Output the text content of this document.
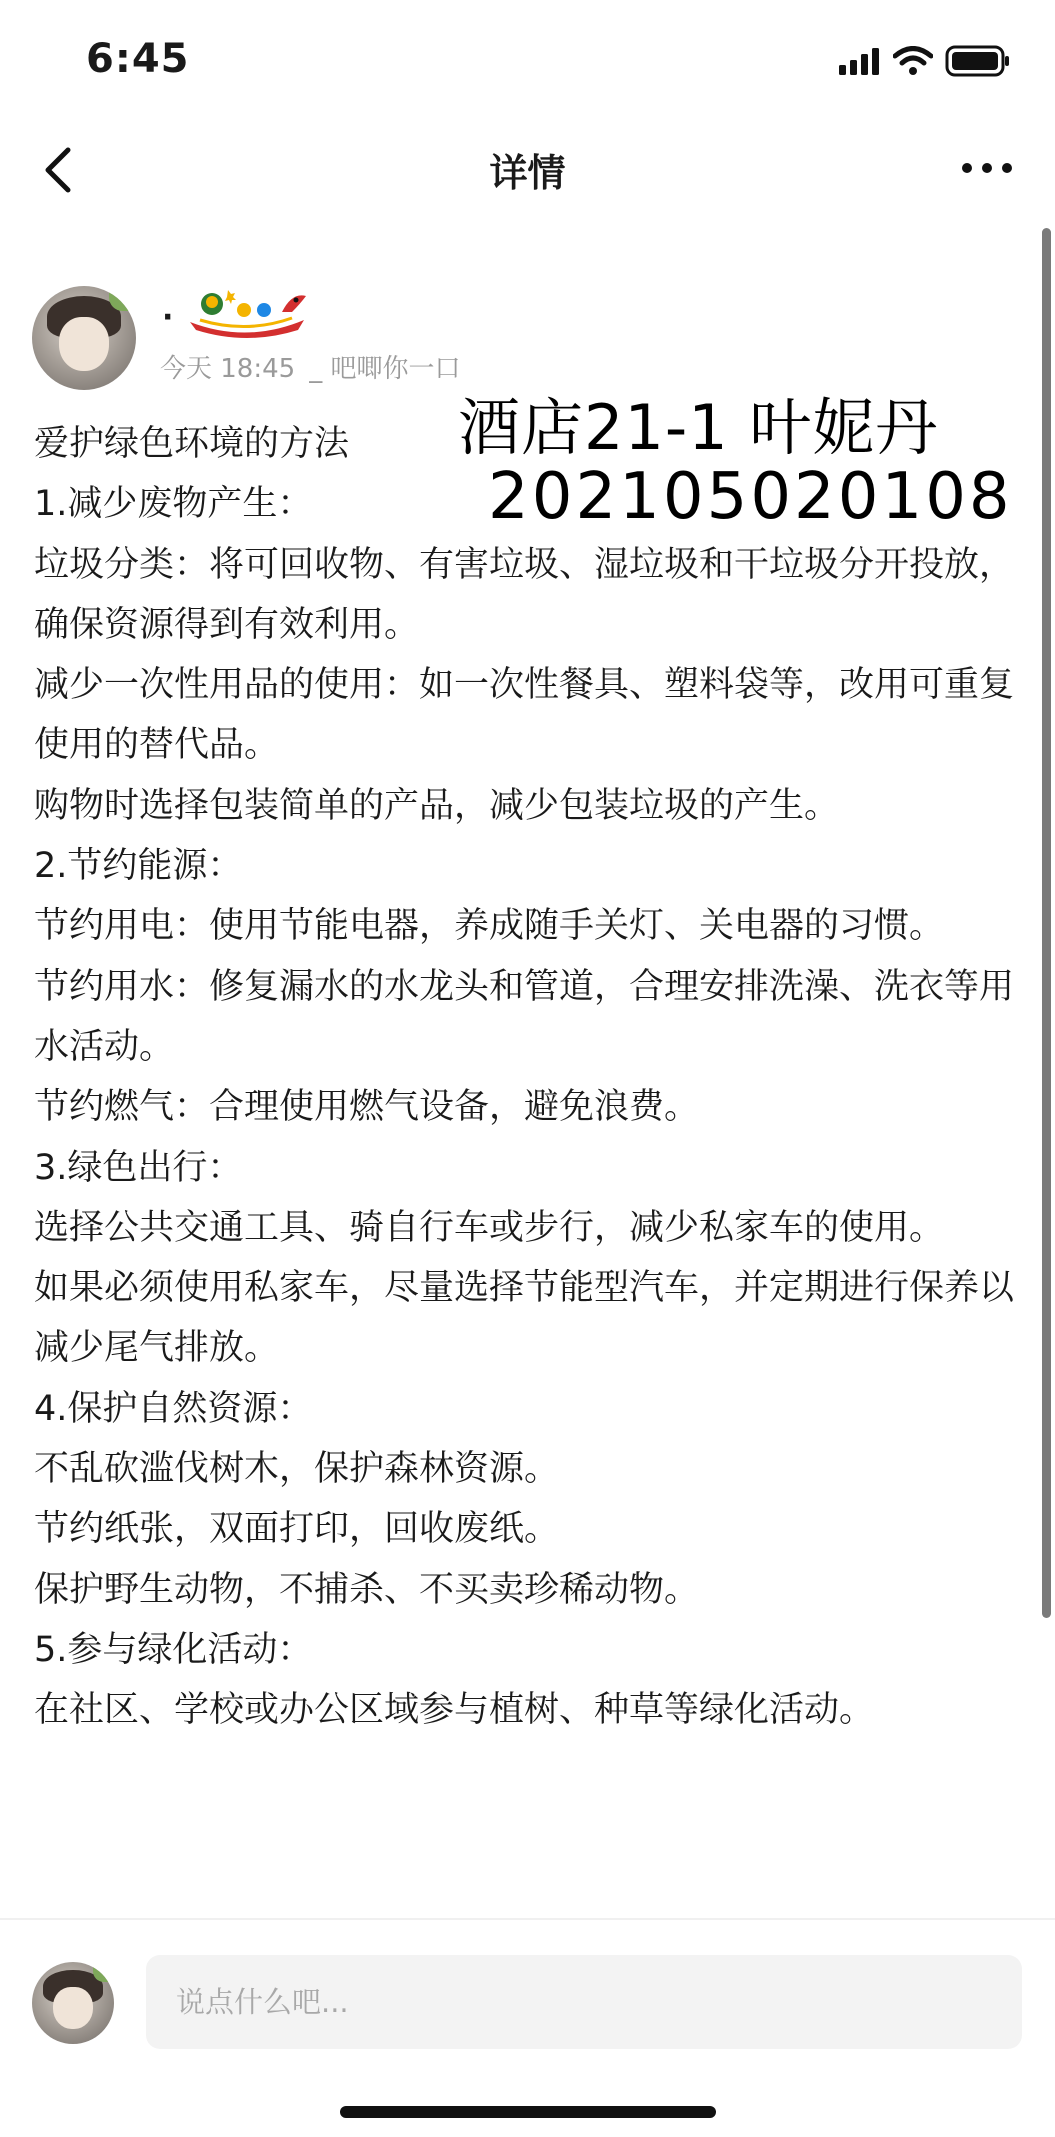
6:45
详情
·
今天 18:45 _ 吧唧你一口

爱护绿色环境的方法

1.减少废物产生：

垃圾分类：将可回收物、有害垃圾、湿垃圾和干垃圾分开投放，确保资源得到有效利用。

减少一次性用品的使用：如一次性餐具、塑料袋等，改用可重复使用的替代品。

购物时选择包装简单的产品，减少包装垃圾的产生。

2.节约能源：

节约用电：使用节能电器，养成随手关灯、关电器的习惯。

节约用水：修复漏水的水龙头和管道，合理安排洗澡、洗衣等用水活动。

节约燃气：合理使用燃气设备，避免浪费。

3.绿色出行：

选择公共交通工具、骑自行车或步行，减少私家车的使用。

如果必须使用私家车，尽量选择节能型汽车，并定期进行保养以减少尾气排放。

4.保护自然资源：

不乱砍滥伐树木，保护森林资源。

节约纸张，双面打印，回收废纸。

保护野生动物，不捕杀、不买卖珍稀动物。

5.参与绿化活动：

在社区、学校或办公区域参与植树、种草等绿化活动。

酒店21-1 叶妮丹
202105020108
说点什么吧...
